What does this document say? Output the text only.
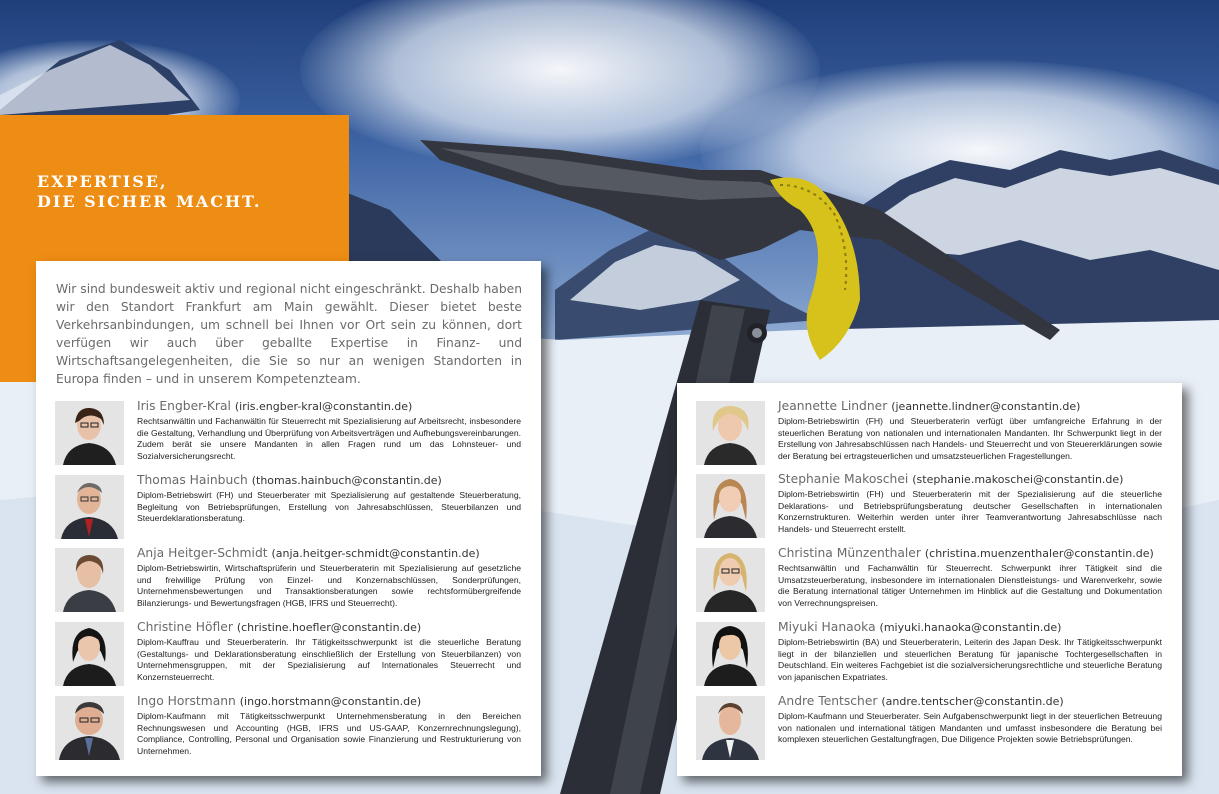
EXPERTISE,
DIE SICHER MACHT.

Wir sind bundesweit aktiv und regional nicht eingeschränkt. Deshalb haben wir den Standort Frankfurt am Main gewählt. Dieser bietet beste Verkehrsanbindungen, um schnell bei Ihnen vor Ort sein zu können, dort verfügen wir auch über geballte Expertise in Finanz- und Wirtschaftsangelegenheiten, die Sie so nur an wenigen Standorten in Europa finden – und in unserem Kompetenzteam.

Iris Engber-Kral (iris.engber-kral@constantin.de)

Rechtsanwältin und Fachanwältin für Steuerrecht mit Spezialisierung auf Arbeitsrecht, insbesondere die Gestaltung, Verhandlung und Überprüfung von Arbeitsverträgen und Aufhebungsvereinbarungen. Zudem berät sie unsere Mandanten in allen Fragen rund um das Lohnsteuer- und Sozialversicherungsrecht.

Thomas Hainbuch (thomas.hainbuch@constantin.de)

Diplom-Betriebswirt (FH) und Steuerberater mit Spezialisierung auf gestaltende Steuerberatung, Begleitung von Betriebsprüfungen, Erstellung von Jahresabschlüssen, Steuerbilanzen und Steuerdeklarationsberatung.

Anja Heitger-Schmidt (anja.heitger-schmidt@constantin.de)

Diplom-Betriebswirtin, Wirtschaftsprüferin und Steuerberaterin mit Spezialisierung auf gesetzliche und freiwillige Prüfung von Einzel- und Konzernabschlüssen, Sonderprüfungen, Unternehmensbewertungen und Transaktionsberatungen sowie rechtsformübergreifende Bilanzierungs- und Bewertungsfragen (HGB, IFRS und Steuerrecht).

Christine Höfler (christine.hoefler@constantin.de)

Diplom-Kauffrau und Steuerberaterin. Ihr Tätigkeitsschwerpunkt ist die steuerliche Beratung (Gestaltungs- und Deklarationsberatung einschließlich der Erstellung von Steuerbilanzen) von Unternehmensgruppen, mit der Spezialisierung auf Internationales Steuerrecht und Konzernsteuerrecht.

Ingo Horstmann (ingo.horstmann@constantin.de)

Diplom-Kaufmann mit Tätigkeitsschwerpunkt Unternehmensberatung in den Bereichen Rechnungswesen und Accounting (HGB, IFRS und US-GAAP, Konzernrechnungslegung), Compliance, Controlling, Personal und Organisation sowie Finanzierung und Restrukturierung von Unternehmen.

Jeannette Lindner (jeannette.lindner@constantin.de)

Diplom-Betriebswirtin (FH) und Steuerberaterin verfügt über umfangreiche Erfahrung in der steuerlichen Beratung von nationalen und internationalen Mandanten. Ihr Schwerpunkt liegt in der Erstellung von Jahresabschlüssen nach Handels- und Steuerrecht und von Steuererklärungen sowie der Beratung bei ertragsteuerlichen und umsatzsteuerlichen Fragestellungen.

Stephanie Makoschei (stephanie.makoschei@constantin.de)

Diplom-Betriebswirtin (FH) und Steuerberaterin mit der Spezialisierung auf die steuerliche Deklarations- und Betriebsprüfungsberatung deutscher Gesellschaften in internationalen Konzernstrukturen. Weiterhin werden unter ihrer Teamverantwortung Jahresabschlüsse nach Handels- und Steuerrecht erstellt.

Christina Münzenthaler (christina.muenzenthaler@constantin.de)

Rechtsanwältin und Fachanwältin für Steuerrecht. Schwerpunkt ihrer Tätigkeit sind die Umsatzsteuerberatung, insbesondere im internationalen Dienstleistungs- und Warenverkehr, sowie die Beratung international tätiger Unternehmen im Hinblick auf die Gestaltung und Dokumentation von Verrechnungspreisen.

Miyuki Hanaoka (miyuki.hanaoka@constantin.de)

Diplom-Betriebswirtin (BA) und Steuerberaterin, Leiterin des Japan Desk. Ihr Tätigkeitsschwerpunkt liegt in der bilanziellen und steuerlichen Beratung für japanische Tochtergesellschaften in Deutschland. Ein weiteres Fachgebiet ist die sozialversicherungsrechtliche und steuerliche Beratung von japanischen Expatriates.

Andre Tentscher (andre.tentscher@constantin.de)

Diplom-Kaufmann und Steuerberater. Sein Aufgabenschwerpunkt liegt in der steuerlichen Betreuung von nationalen und international tätigen Mandanten und umfasst insbesondere die Beratung bei komplexen steuerlichen Gestaltungfragen, Due Diligence Projekten sowie Betriebsprüfungen.
